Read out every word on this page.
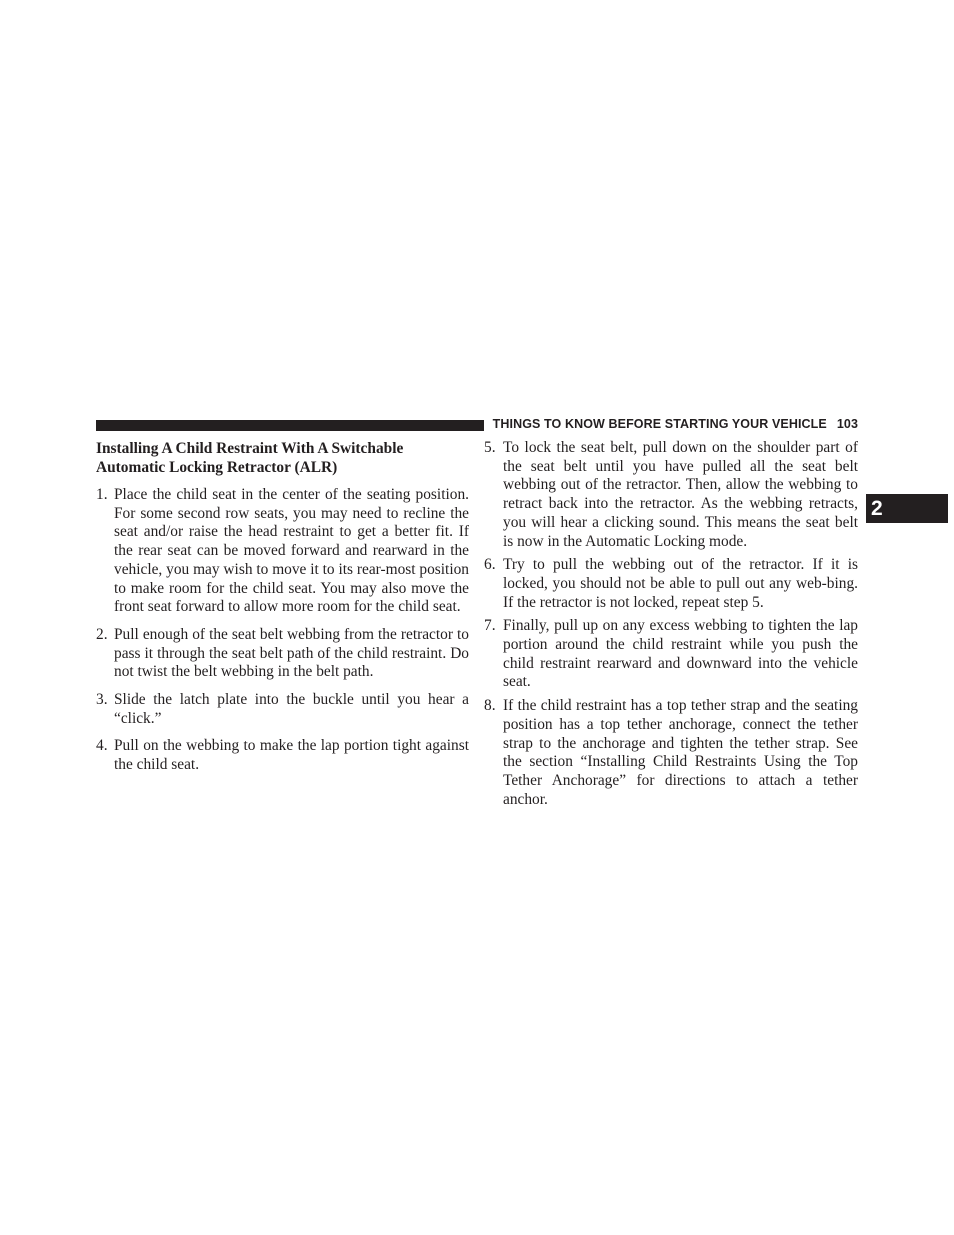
THINGS TO KNOW BEFORE STARTING YOUR VEHICLE 103
2
Installing A Child Restraint With A Switchable
Automatic Locking Retractor (ALR)
1. Place the child seat in the center of the seating position. For some second row seats, you may need to recline the seat and/or raise the head restraint to get a better fit. If the rear seat can be moved forward and rearward in the vehicle, you may wish to move it to its rear-most position to make room for the child seat. You may also move the front seat forward to allow more room for the child seat.
2. Pull enough of the seat belt webbing from the retractor to pass it through the seat belt path of the child restraint. Do not twist the belt webbing in the belt path.
3. Slide the latch plate into the buckle until you hear a “click.”
4. Pull on the webbing to make the lap portion tight against the child seat.
5. To lock the seat belt, pull down on the shoulder part of the seat belt until you have pulled all the seat belt webbing out of the retractor. Then, allow the webbing to retract back into the retractor. As the webbing retracts, you will hear a clicking sound. This means the seat belt is now in the Automatic Locking mode.
6. Try to pull the webbing out of the retractor. If it is locked, you should not be able to pull out any web-bing. If the retractor is not locked, repeat step 5.
7. Finally, pull up on any excess webbing to tighten the lap portion around the child restraint while you push the child restraint rearward and downward into the vehicle seat.
8. If the child restraint has a top tether strap and the seating position has a top tether anchorage, connect the tether strap to the anchorage and tighten the tether strap. See the section “Installing Child Restraints Using the Top Tether Anchorage” for directions to attach a tether anchor.
